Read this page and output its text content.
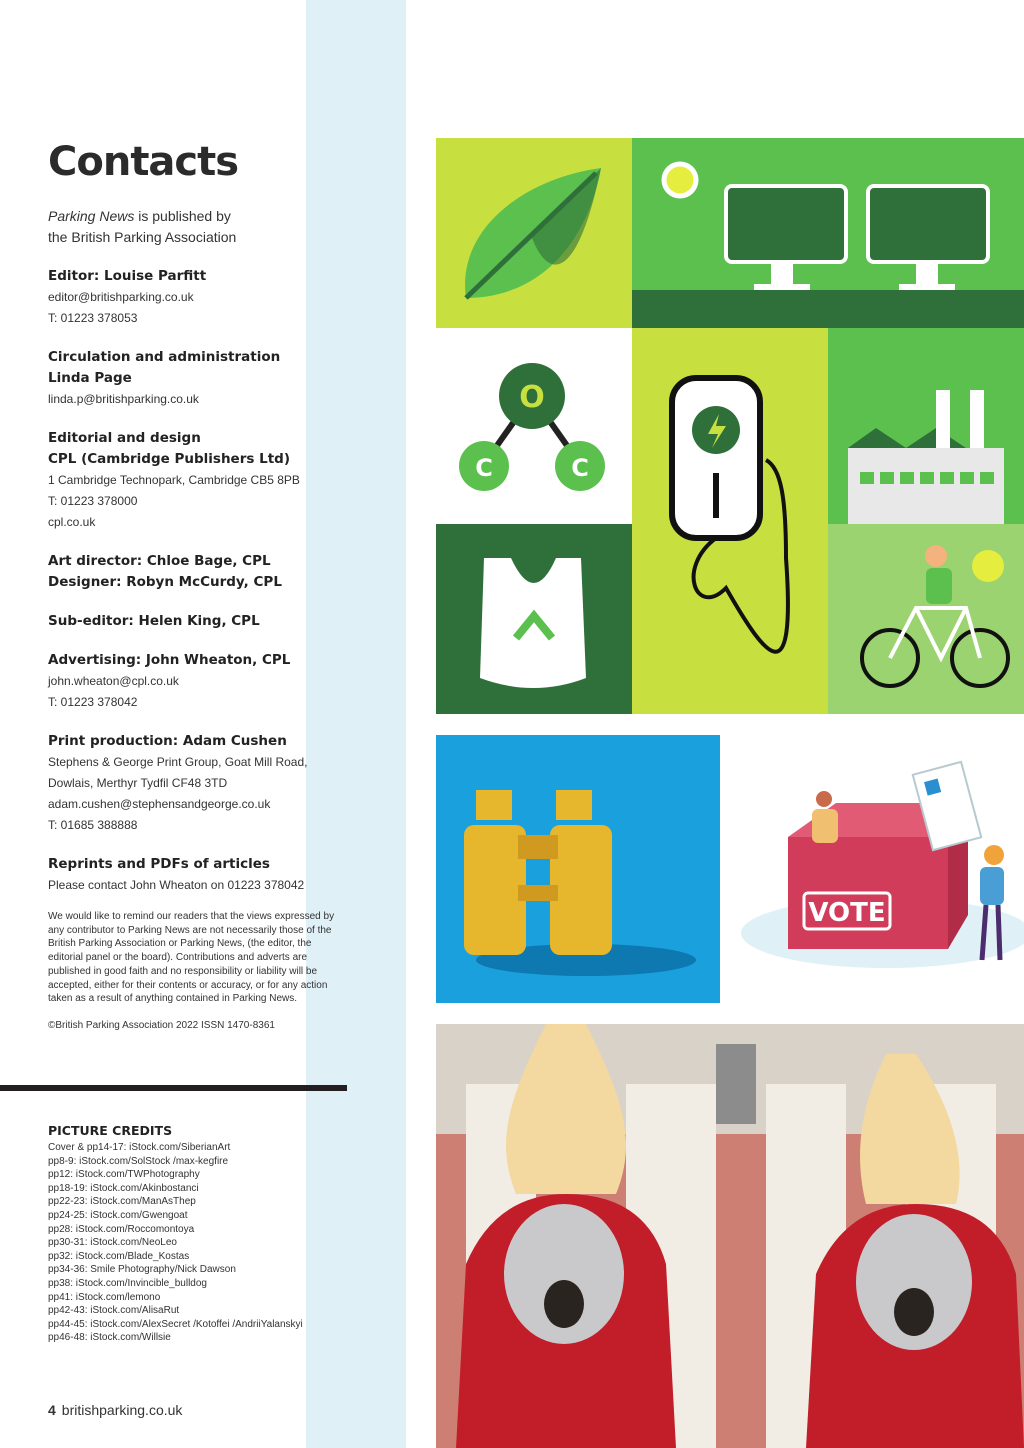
Contacts

Parking News is published by
the British Parking Association

Editor: Louise Parfitt

editor@britishparking.co.uk

T: 01223 378053

Circulation and administration
Linda Page

linda.p@britishparking.co.uk

Editorial and design
CPL (Cambridge Publishers Ltd)

1 Cambridge Technopark, Cambridge CB5 8PB

T: 01223 378000

cpl.co.uk

Art director: Chloe Bage, CPL
Designer: Robyn McCurdy, CPL
Sub-editor: Helen King, CPL
Advertising: John Wheaton, CPL

john.wheaton@cpl.co.uk

T: 01223 378042

Print production: Adam Cushen

Stephens & George Print Group, Goat Mill Road,

Dowlais, Merthyr Tydfil CF48 3TD

adam.cushen@stephensandgeorge.co.uk

T: 01685 388888

Reprints and PDFs of articles

Please contact John Wheaton on 01223 378042

We would like to remind our readers that the views expressed by any contributor to Parking News are not necessarily those of the British Parking Association or Parking News, (the editor, the editorial panel or the board). Contributions and adverts are published in good faith and no responsibility or liability will be accepted, either for their contents or accuracy, or for any action taken as a result of anything contained in Parking News.

©British Parking Association 2022 ISSN 1470-8361

PICTURE CREDITS
Cover & pp14-17: iStock.com/SiberianArt
pp8-9: iStock.com/SolStock /max-kegfire
pp12: iStock.com/TWPhotography
pp18-19: iStock.com/Akinbostanci
pp22-23: iStock.com/ManAsThep
pp24-25: iStock.com/Gwengoat
pp28: iStock.com/Roccomontoya
pp30-31: iStock.com/NeoLeo
pp32: iStock.com/Blade_Kostas
pp34-36: Smile Photography/Nick Dawson
pp38: iStock.com/Invincible_bulldog
pp41: iStock.com/lemono
pp42-43: iStock.com/AlisaRut
pp44-45: iStock.com/AlexSecret /Kotoffei /AndriiYalanskyi
pp46-48: iStock.com/Willsie
4 britishparking.co.uk
O
C	C
VOTE
